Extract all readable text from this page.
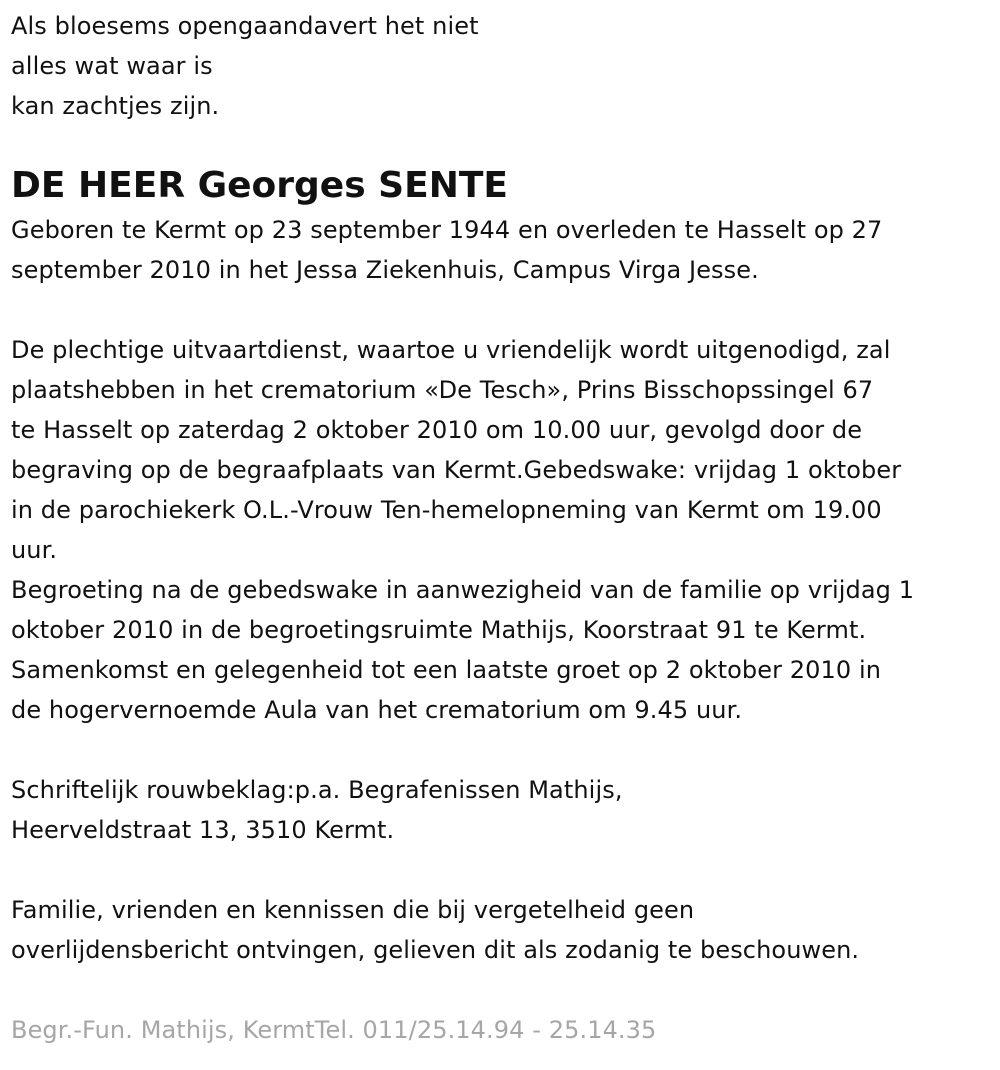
Als bloesems opengaandavert het niet
alles wat waar is
kan zachtjes zijn.
DE HEER Georges SENTE
Geboren te Kermt op 23 september 1944 en overleden te Hasselt op 27
september 2010 in het Jessa Ziekenhuis, Campus Virga Jesse.
De plechtige uitvaartdienst, waartoe u vriendelijk wordt uitgenodigd, zal
plaatshebben in het crematorium «De Tesch», Prins Bisschopssingel 67
te Hasselt op zaterdag 2 oktober 2010 om 10.00 uur, gevolgd door de
begraving op de begraafplaats van Kermt.Gebedswake: vrijdag 1 oktober
in de parochiekerk O.L.-Vrouw Ten-hemelopneming van Kermt om 19.00
uur.
Begroeting na de gebedswake in aanwezigheid van de familie op vrijdag 1
oktober 2010 in de begroetingsruimte Mathijs, Koorstraat 91 te Kermt.
Samenkomst en gelegenheid tot een laatste groet op 2 oktober 2010 in
de hogervernoemde Aula van het crematorium om 9.45 uur.
Schriftelijk rouwbeklag:p.a. Begrafenissen Mathijs,
Heerveldstraat 13, 3510 Kermt.
Familie, vrienden en kennissen die bij vergetelheid geen
overlijdensbericht ontvingen, gelieven dit als zodanig te beschouwen.
Begr.-Fun. Mathijs, KermtTel. 011/25.14.94 - 25.14.35
